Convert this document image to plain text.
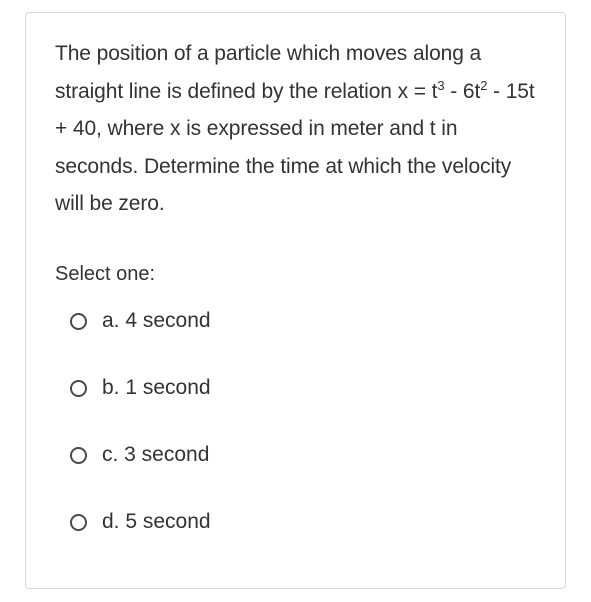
The position of a particle which moves along a straight line is defined by the relation $x = t^3 - 6t^2 - 15t + 40$, where x is expressed in meter and t in seconds. Determine the time at which the velocity will be zero.
Select one:
a. 4 second
b. 1 second
c. 3 second
d. 5 second
